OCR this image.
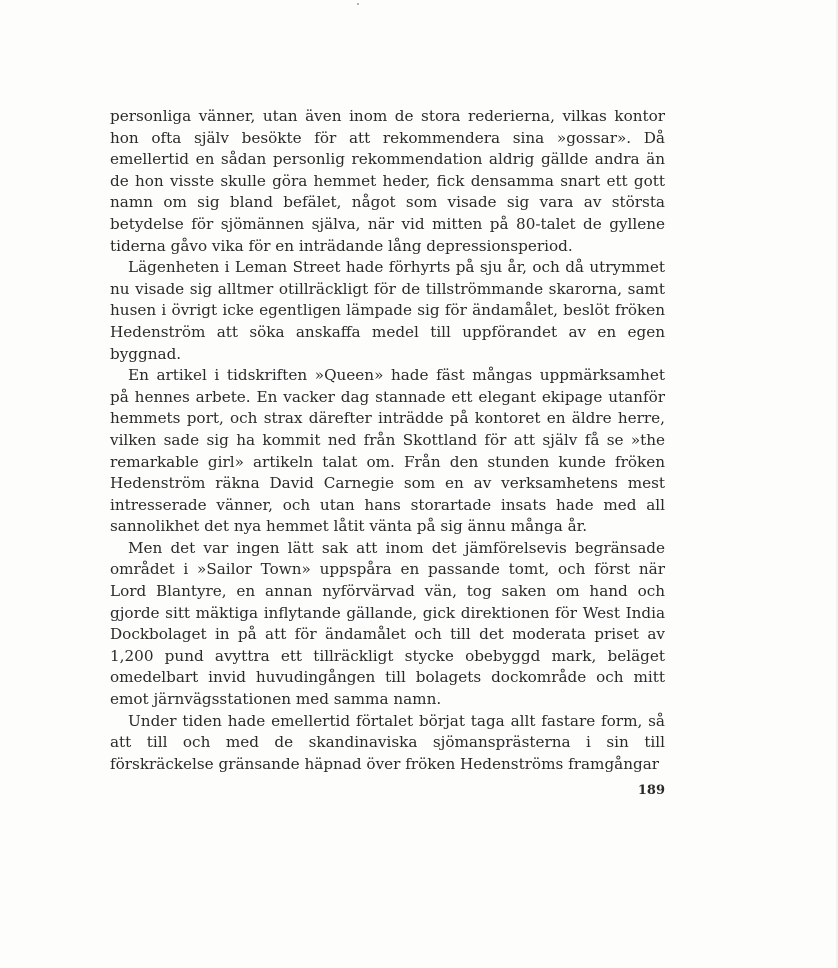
personliga vänner, utan även inom de stora rederierna, vilkas kontor hon ofta själv besökte för att rekommendera sina »gossar». Då emellertid en sådan personlig rekommendation aldrig gällde andra än de hon visste skulle göra hemmet heder, fick densamma snart ett gott namn om sig bland befälet, något som visade sig vara av största betydelse för sjömännen själva, när vid mitten på 80-talet de gyllene tiderna gåvo vika för en inträdande lång depressionsperiod.

Lägenheten i Leman Street hade förhyrts på sju år, och då utrymmet nu visade sig alltmer otillräckligt för de tillströmmande skarorna, samt husen i övrigt icke egentligen lämpade sig för ändamålet, beslöt fröken Hedenström att söka anskaffa medel till uppförandet av en egen byggnad.

En artikel i tidskriften »Queen» hade fäst mångas uppmärksamhet på hennes arbete. En vacker dag stannade ett elegant ekipage utanför hemmets port, och strax därefter inträdde på kontoret en äldre herre, vilken sade sig ha kommit ned från Skottland för att själv få se »the remarkable girl» artikeln talat om. Från den stunden kunde fröken Hedenström räkna David Carnegie som en av verksamhetens mest intresserade vänner, och utan hans storartade insats hade med all sannolikhet det nya hemmet låtit vänta på sig ännu många år.

Men det var ingen lätt sak att inom det jämförelsevis begränsade området i »Sailor Town» uppspåra en passande tomt, och först när Lord Blantyre, en annan nyförvärvad vän, tog saken om hand och gjorde sitt mäktiga inflytande gällande, gick direktionen för West India Dockbolaget in på att för ändamålet och till det moderata priset av 1,200 pund avyttra ett tillräckligt stycke obebyggd mark, beläget omedelbart invid huvudingången till bolagets dockområde och mitt emot järnvägsstationen med samma namn.

Under tiden hade emellertid förtalet börjat taga allt fastare form, så att till och med de skandinaviska sjömansprästerna i sin till förskräckelse gränsande häpnad över fröken Hedenströms framgångar

189
